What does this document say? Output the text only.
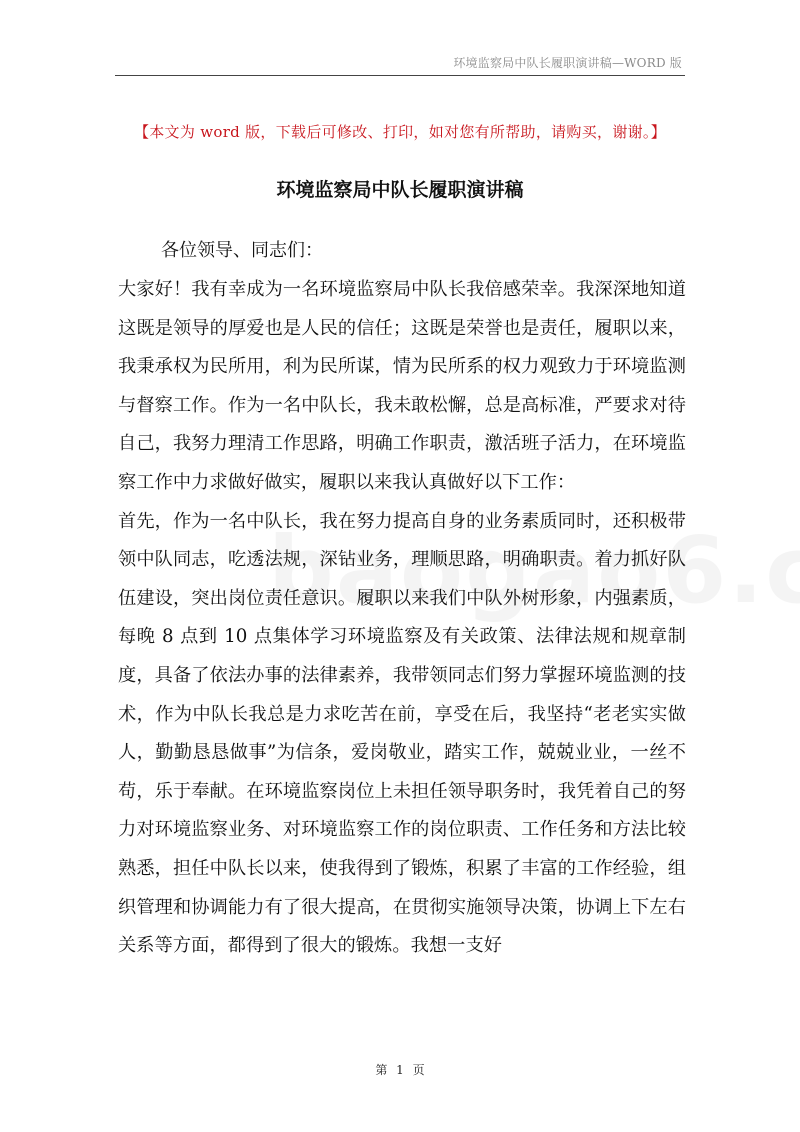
环境监察局中队长履职演讲稿—WORD 版
【本文为 word 版，下载后可修改、打印，如对您有所帮助，请购买，谢谢。】
环境监察局中队长履职演讲稿

各位领导、同志们：

大家好！我有幸成为一名环境监察局中队长我倍感荣幸。我深深地知道这既是领导的厚爱也是人民的信任；这既是荣誉也是责任，履职以来，我秉承权为民所用，利为民所谋，情为民所系的权力观致力于环境监测与督察工作。作为一名中队长，我未敢松懈，总是高标准，严要求对待自己，我努力理清工作思路，明确工作职责，激活班子活力，在环境监察工作中力求做好做实，履职以来我认真做好以下工作：

首先，作为一名中队长，我在努力提高自身的业务素质同时，还积极带领中队同志，吃透法规，深钻业务，理顺思路，明确职责。着力抓好队伍建设，突出岗位责任意识。履职以来我们中队外树形象，内强素质，每晚 8 点到 10 点集体学习环境监察及有关政策、法律法规和规章制度，具备了依法办事的法律素养，我带领同志们努力掌握环境监测的技术，作为中队长我总是力求吃苦在前，享受在后，我坚持“老老实实做人，勤勤恳恳做事”为信条，爱岗敬业，踏实工作，兢兢业业，一丝不苟，乐于奉献。在环境监察岗位上未担任领导职务时，我凭着自己的努力对环境监察业务、对环境监察工作的岗位职责、工作任务和方法比较熟悉，担任中队长以来，使我得到了锻炼，积累了丰富的工作经验，组织管理和协调能力有了很大提高，在贯彻实施领导决策，协调上下左右关系等方面，都得到了很大的锻炼。我想一支好

第 1 页
